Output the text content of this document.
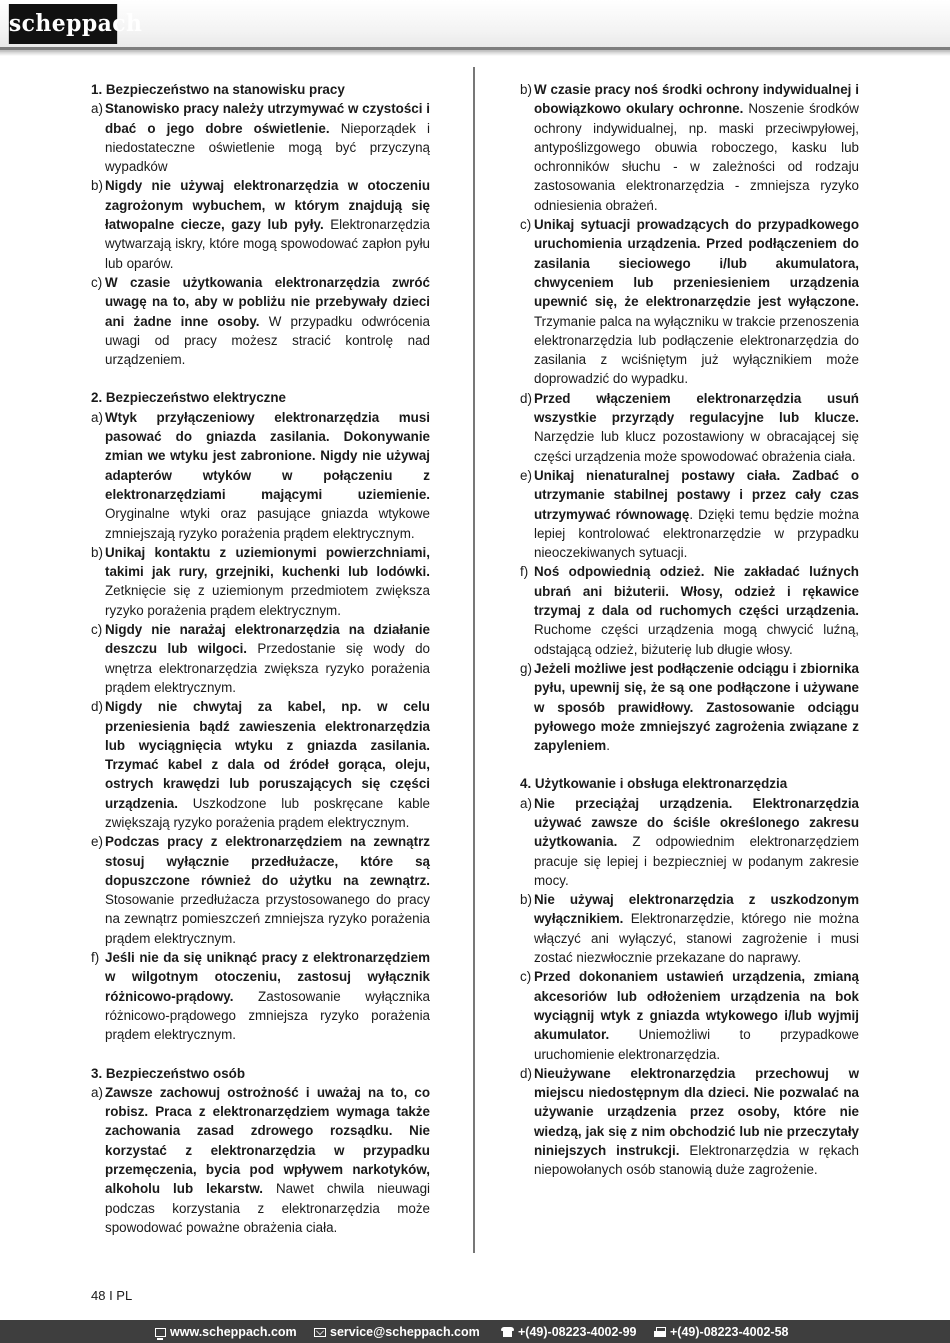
scheppach
1. Bezpieczeństwo na stanowisku pracy
a) Stanowisko pracy należy utrzymywać w czystości i dbać o jego dobre oświetlenie. Nieporządek i niedostateczne oświetlenie mogą być przyczyną wypadków
b) Nigdy nie używaj elektronarzędzia w otoczeniu zagrożonym wybuchem, w którym znajdują się łatwopalne ciecze, gazy lub pyły. Elektronarzędzia wytwarzają iskry, które mogą spowodować zapłon pyłu lub oparów.
c) W czasie użytkowania elektronarzędzia zwróć uwagę na to, aby w pobliżu nie przebywały dzieci ani żadne inne osoby. W przypadku odwrócenia uwagi od pracy możesz stracić kontrolę nad urządzeniem.
2. Bezpieczeństwo elektryczne
a) Wtyk przyłączeniowy elektronarzędzia musi pasować do gniazda zasilania. Dokonywanie zmian we wtyku jest zabronione. Nigdy nie używaj adapterów wtyków w połączeniu z elektronarzędziami mającymi uziemienie. Oryginalne wtyki oraz pasujące gniazda wtykowe zmniejszają ryzyko porażenia prądem elektrycznym.
b) Unikaj kontaktu z uziemionymi powierzchniami, takimi jak rury, grzejniki, kuchenki lub lodówki. Zetknięcie się z uziemionym przedmiotem zwiększa ryzyko porażenia prądem elektrycznym.
c) Nigdy nie narażaj elektronarzędzia na działanie deszczu lub wilgoci. Przedostanie się wody do wnętrza elektronarzędzia zwiększa ryzyko porażenia prądem elektrycznym.
d) Nigdy nie chwytaj za kabel, np. w celu przeniesienia bądź zawieszenia elektronarzędzia lub wyciągnięcia wtyku z gniazda zasilania. Trzymać kabel z dala od źródeł gorąca, oleju, ostrych krawędzi lub poruszających się części urządzenia. Uszkodzone lub poskręcane kable zwiększają ryzyko porażenia prądem elektrycznym.
e) Podczas pracy z elektronarzędziem na zewnątrz stosuj wyłącznie przedłużacze, które są dopuszczone również do użytku na zewnątrz. Stosowanie przedłużacza przystosowanego do pracy na zewnątrz pomieszczeń zmniejsza ryzyko porażenia prądem elektrycznym.
f) Jeśli nie da się uniknąć pracy z elektronarzędziem w wilgotnym otoczeniu, zastosuj wyłącznik różnicowo-prądowy. Zastosowanie wyłącznika różnicowo-prądowego zmniejsza ryzyko porażenia prądem elektrycznym.
3. Bezpieczeństwo osób
a) Zawsze zachowuj ostrożność i uważaj na to, co robisz. Praca z elektronarzędziem wymaga także zachowania zasad zdrowego rozsądku. Nie korzystać z elektronarzędzia w przypadku przemęczenia, bycia pod wpływem narkotyków, alkoholu lub lekarstw. Nawet chwila nieuwagi podczas korzystania z elektronarzędzia może spowodować poważne obrażenia ciała.
b) W czasie pracy noś środki ochrony indywidualnej i obowiązkowo okulary ochronne. Noszenie środków ochrony indywidualnej, np. maski przeciwpyłowej, antypoślizgowego obuwia roboczego, kasku lub ochronników słuchu - w zależności od rodzaju zastosowania elektronarzędzia - zmniejsza ryzyko odniesienia obrażeń.
c) Unikaj sytuacji prowadzących do przypadkowego uruchomienia urządzenia. Przed podłączeniem do zasilania sieciowego i/lub akumulatora, chwyceniem lub przeniesieniem urządzenia upewnić się, że elektronarzędzie jest wyłączone. Trzymanie palca na wyłączniku w trakcie przenoszenia elektronarzędzia lub podłączenie elektronarzędzia do zasilania z wciśniętym już wyłącznikiem może doprowadzić do wypadku.
d) Przed włączeniem elektronarzędzia usuń wszystkie przyrządy regulacyjne lub klucze. Narzędzie lub klucz pozostawiony w obracającej się części urządzenia może spowodować obrażenia ciała.
e) Unikaj nienaturalnej postawy ciała. Zadbać o utrzymanie stabilnej postawy i przez cały czas utrzymywać równowagę. Dzięki temu będzie można lepiej kontrolować elektronarzędzie w przypadku nieoczekiwanych sytuacji.
f) Noś odpowiednią odzież. Nie zakładać luźnych ubrań ani biżuterii. Włosy, odzież i rękawice trzymaj z dala od ruchomych części urządzenia. Ruchome części urządzenia mogą chwycić luźną, odstającą odzież, biżuterię lub długie włosy.
g) Jeżeli możliwe jest podłączenie odciągu i zbiornika pyłu, upewnij się, że są one podłączone i używane w sposób prawidłowy. Zastosowanie odciągu pyłowego może zmniejszyć zagrożenia związane z zapyleniem.
4. Użytkowanie i obsługa elektronarzędzia
a) Nie przeciążaj urządzenia. Elektronarzędzia używać zawsze do ściśle określonego zakresu użytkowania. Z odpowiednim elektronarzędziem pracuje się lepiej i bezpieczniej w podanym zakresie mocy.
b) Nie używaj elektronarzędzia z uszkodzonym wyłącznikiem. Elektronarzędzie, którego nie można włączyć ani wyłączyć, stanowi zagrożenie i musi zostać niezwłocznie przekazane do naprawy.
c) Przed dokonaniem ustawień urządzenia, zmianą akcesoriów lub odłożeniem urządzenia na bok wyciągnij wtyk z gniazda wtykowego i/lub wyjmij akumulator. Uniemożliwi to przypadkowe uruchomienie elektronarzędzia.
d) Nieużywane elektronarzędzia przechowuj w miejscu niedostępnym dla dzieci. Nie pozwalać na używanie urządzenia przez osoby, które nie wiedzą, jak się z nim obchodzić lub nie przeczytały niniejszych instrukcji. Elektronarzędzia w rękach niepowołanych osób stanowią duże zagrożenie.
48 I PL
www.scheppach.com	service@scheppach.com	+(49)-08223-4002-99	+(49)-08223-4002-58
